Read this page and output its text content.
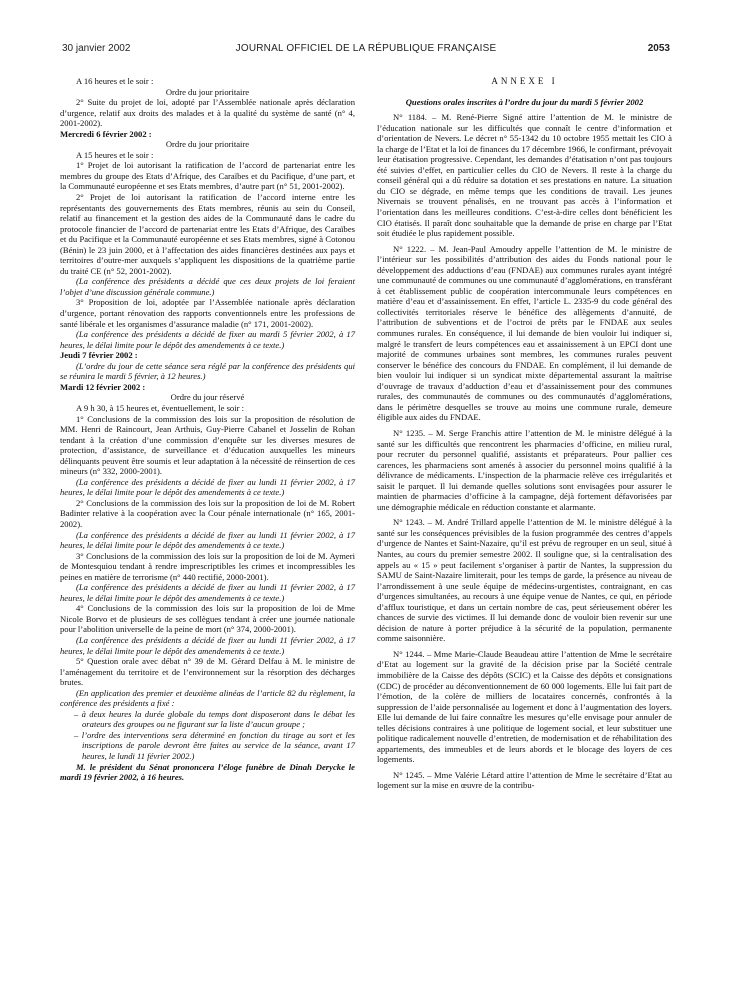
30 janvier 2002	JOURNAL OFFICIEL DE LA RÉPUBLIQUE FRANÇAISE	2053

A 16 heures et le soir :

Ordre du jour prioritaire

2° Suite du projet de loi, adopté par l’Assemblée nationale après déclaration d’urgence, relatif aux droits des malades et à la qualité du système de santé (n° 4, 2001-2002).

Mercredi 6 février 2002 :

Ordre du jour prioritaire

A 15 heures et le soir :

1° Projet de loi autorisant la ratification de l’accord de partenariat entre les membres du groupe des Etats d’Afrique, des Caraïbes et du Pacifique, d’une part, et la Communauté européenne et ses Etats membres, d’autre part (n° 51, 2001-2002).

2° Projet de loi autorisant la ratification de l’accord interne entre les représentants des gouvernements des Etats membres, réunis au sein du Conseil, relatif au financement et la gestion des aides de la Communauté dans le cadre du protocole financier de l’accord de partenariat entre les Etats d’Afrique, des Caraïbes et du Pacifique et la Communauté européenne et ses Etats membres, signé à Cotonou (Bénin) le 23 juin 2000, et à l’affectation des aides financières destinées aux pays et territoires d’outre-mer auxquels s’appliquent les dispositions de la quatrième partie du traité CE (n° 52, 2001-2002).

(La conférence des présidents a décidé que ces deux projets de loi feraient l’objet d’une discussion générale commune.)

3° Proposition de loi, adoptée par l’Assemblée nationale après déclaration d’urgence, portant rénovation des rapports conventionnels entre les professions de santé libérale et les organismes d’assurance maladie (n° 171, 2001-2002).

(La conférence des présidents a décidé de fixer au mardi 5 février 2002, à 17 heures, le délai limite pour le dépôt des amendements à ce texte.)

Jeudi 7 février 2002 :

(L’ordre du jour de cette séance sera réglé par la conférence des présidents qui se réunira le mardi 5 février, à 12 heures.)

Mardi 12 février 2002 :

Ordre du jour réservé

A 9 h 30, à 15 heures et, éventuellement, le soir :

1° Conclusions de la commission des lois sur la proposition de résolution de MM. Henri de Raincourt, Jean Arthuis, Guy-Pierre Cabanel et Josselin de Rohan tendant à la création d’une commission d’enquête sur les diverses mesures de protection, d’assistance, de surveillance et d’éducation auxquelles les mineurs délinquants peuvent être soumis et leur adaptation à la nécessité de réinsertion de ces mineurs (n° 332, 2000-2001).

(La conférence des présidents a décidé de fixer au lundi 11 février 2002, à 17 heures, le délai limite pour le dépôt des amendements à ce texte.)

2° Conclusions de la commission des lois sur la proposition de loi de M. Robert Badinter relative à la coopération avec la Cour pénale internationale (n° 165, 2001-2002).

(La conférence des présidents a décidé de fixer au lundi 11 février 2002, à 17 heures, le délai limite pour le dépôt des amendements à ce texte.)

3° Conclusions de la commission des lois sur la proposition de loi de M. Aymeri de Montesquiou tendant à rendre imprescriptibles les crimes et incompressibles les peines en matière de terrorisme (n° 440 rectifié, 2000-2001).

(La conférence des présidents a décidé de fixer au lundi 11 février 2002, à 17 heures, le délai limite pour le dépôt des amendements à ce texte.)

4° Conclusions de la commission des lois sur la proposition de loi de Mme Nicole Borvo et de plusieurs de ses collègues tendant à créer une journée nationale pour l’abolition universelle de la peine de mort (n° 374, 2000-2001).

(La conférence des présidents a décidé de fixer au lundi 11 février 2002, à 17 heures, le délai limite pour le dépôt des amendements à ce texte.)

5° Question orale avec débat n° 39 de M. Gérard Delfau à M. le ministre de l’aménagement du territoire et de l’environnement sur la résorption des décharges brutes.

(En application des premier et deuxième alinéas de l’article 82 du règlement, la conférence des présidents a fixé :

– à deux heures la durée globale du temps dont disposeront dans le débat les orateurs des groupes ou ne figurant sur la liste d’aucun groupe ;

– l’ordre des interventions sera déterminé en fonction du tirage au sort et les inscriptions de parole devront être faites au service de la séance, avant 17 heures, le lundi 11 février 2002.)

M. le président du Sénat prononcera l’éloge funèbre de Dinah Derycke le mardi 19 février 2002, à 16 heures.

ANNEXE I

Questions orales inscrites à l’ordre du jour du mardi 5 février 2002

N° 1184. – M. René-Pierre Signé attire l’attention de M. le ministre de l’éducation nationale sur les difficultés que connaît le centre d’information et d’orientation de Nevers. Le décret n° 55-1342 du 10 octobre 1955 mettait les CIO à la charge de l’Etat et la loi de finances du 17 décembre 1966, le confirmant, prévoyait leur étatisation progressive. Cependant, les demandes d’étatisation n’ont pas toujours été suivies d’effet, en particulier celles du CIO de Nevers. Il reste à la charge du conseil général qui a dû réduire sa dotation et ses prestations en nature. La situation du CIO se dégrade, en même temps que les conditions de travail. Les jeunes Nivernais se trouvent pénalisés, en ne trouvant pas accès à l’information et l’orientation dans les meilleures conditions. C’est-à-dire celles dont bénéficient les CIO étatisés. Il paraît donc souhaitable que la demande de prise en charge par l’Etat soit étudiée le plus rapidement possible.

N° 1222. – M. Jean-Paul Amoudry appelle l’attention de M. le ministre de l’intérieur sur les possibilités d’attribution des aides du Fonds national pour le développement des adductions d’eau (FNDAE) aux communes rurales ayant intégré une communauté de communes ou une communauté d’agglomérations, en transférant à cet établissement public de coopération intercommunale leurs compétences en matière d’eau et d’assainissement. En effet, l’article L. 2335-9 du code général des collectivités territoriales réserve le bénéfice des allègements d’annuité, de l’attribution de subventions et de l’octroi de prêts par le FNDAE aux seules communes rurales. En conséquence, il lui demande de bien vouloir lui indiquer si, malgré le transfert de leurs compétences eau et assainissement à un EPCI dont une majorité de communes urbaines sont membres, les communes rurales peuvent conserver le bénéfice des concours du FNDAE. En complément, il lui demande de bien vouloir lui indiquer si un syndicat mixte départemental assurant la maîtrise d’ouvrage de travaux d’adduction d’eau et d’assainissement pour des communes rurales, des communautés de communes ou des communautés d’agglomérations, dans le périmètre desquelles se trouve au moins une commune rurale, demeure éligible aux aides du FNDAE.

N° 1235. – M. Serge Franchis attire l’attention de M. le ministre délégué à la santé sur les difficultés que rencontrent les pharmacies d’officine, en milieu rural, pour recruter du personnel qualifié, assistants et préparateurs. Pour pallier ces carences, les pharmaciens sont amenés à associer du personnel moins qualifié à la délivrance de médicaments. L’inspection de la pharmacie relève ces irrégularités et saisit le parquet. Il lui demande quelles solutions sont envisagées pour assurer le maintien de pharmacies d’officine à la campagne, déjà fortement défavorisées par une démographie médicale en réduction constante et alarmante.

N° 1243. – M. André Trillard appelle l’attention de M. le ministre délégué à la santé sur les conséquences prévisibles de la fusion programmée des centres d’appels d’urgence de Nantes et Saint-Nazaire, qu’il est prévu de regrouper en un seul, situé à Nantes, au cours du premier semestre 2002. Il souligne que, si la centralisation des appels au « 15 » peut facilement s’organiser à partir de Nantes, la suppression du SAMU de Saint-Nazaire limiterait, pour les temps de garde, la présence au niveau de l’arrondissement à une seule équipe de médecins-urgentistes, contraignant, en cas d’urgences simultanées, au recours à une équipe venue de Nantes, ce qui, en période d’afflux touristique, et dans un certain nombre de cas, peut sérieusement obérer les chances de survie des victimes. Il lui demande donc de vouloir bien revenir sur une décision de nature à porter préjudice à la sécurité de la population, permanente comme saisonnière.

N° 1244. – Mme Marie-Claude Beaudeau attire l’attention de Mme le secrétaire d’Etat au logement sur la gravité de la décision prise par la Société centrale immobilière de la Caisse des dépôts (SCIC) et la Caisse des dépôts et consignations (CDC) de procéder au déconventionnement de 60 000 logements. Elle lui fait part de l’émotion, de la colère de milliers de locataires concernés, confrontés à la suppression de l’aide personnalisée au logement et donc à l’augmentation des loyers. Elle lui demande de lui faire connaître les mesures qu’elle envisage pour annuler de telles décisions contraires à une politique de logement social, et leur substituer une politique radicalement nouvelle d’entretien, de modernisation et de réhabilitation des appartements, des immeubles et de leurs abords et le blocage des loyers de ces logements.

N° 1245. – Mme Valérie Létard attire l’attention de Mme le secrétaire d’Etat au logement sur la mise en œuvre de la contribu-
